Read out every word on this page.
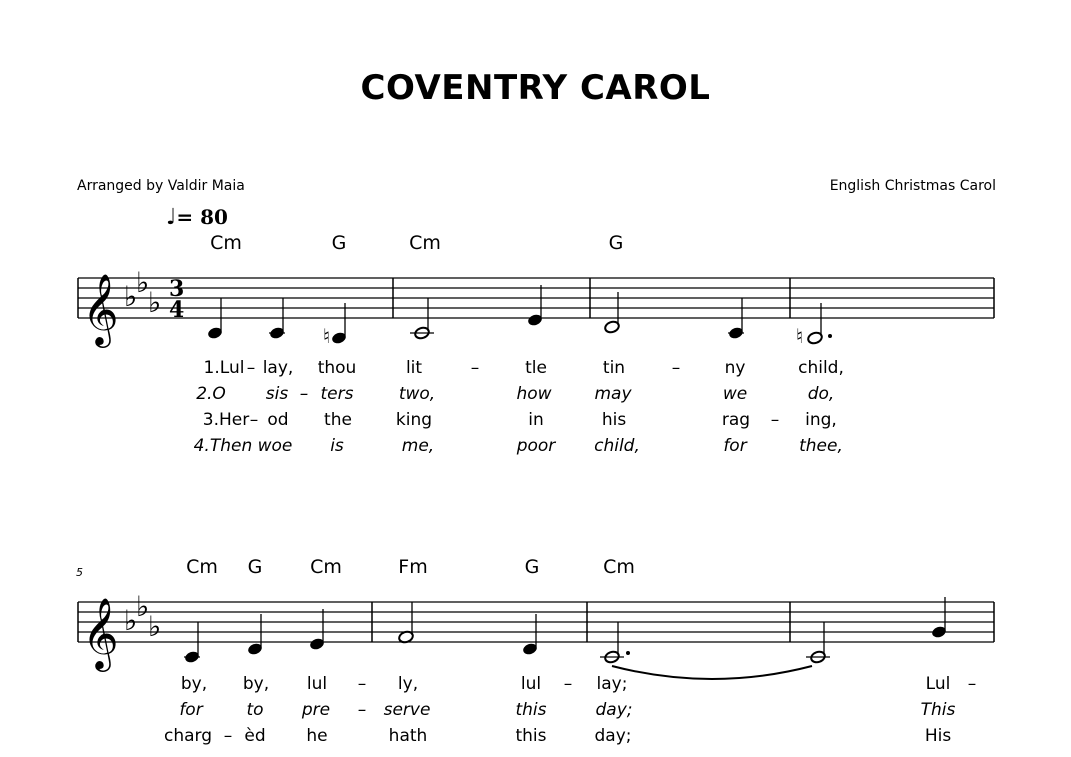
COVENTRY CAROL
Arranged by Valdir Maia	English Christmas Carol
♩= 80
Cm	G	Cm	G
5	Cm G	Cm	Fm	G	Cm
1.Lul – lay, thou	lit	–	tle	tin	–	ny	child,
2.O sis – ters	two,	how	may	we	do,
3.Her – od the	king	in	his	rag – ing,
4.Then woe is	me,	poor child,	for	thee,
by, by, lul – ly,	lul – lay;	Lul –
for	to pre – serve	this	day;	This
charg – èd he	hath	this	day;	His
𝄞 ♭
♭
♭ 3
4
♮	♮
𝄞 ♭
♭
♭
